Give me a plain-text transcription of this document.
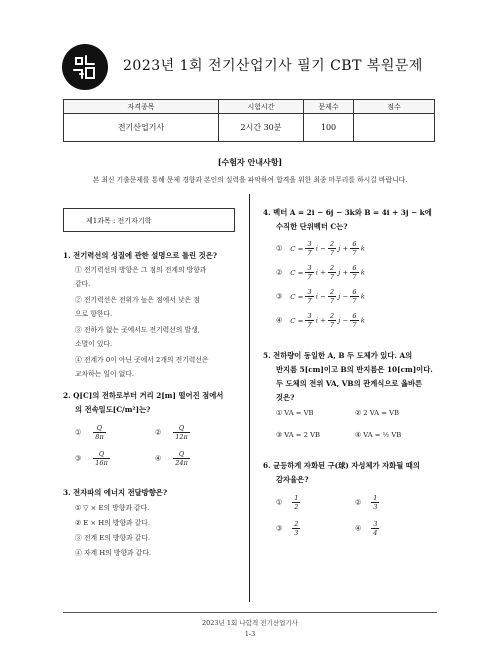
2023년 1회 전기산업기사 필기 CBT 복원문제
자격종목	시험시간	문제수	점수
전기산업기사	2시간 30분	100	
[수험자 안내사항]
본 최신 기출문제를 통해 문제 경향과 본인의 실력을 파악하여 합격을 위한 최종 마무리를 하시길 바랍니다.
제1과목 : 전기자기학
1. 전기력선의 성질에 관한 설명으로 틀린 것은?
① 전기력선의 방향은 그 점의 전계의 방향과
같다.
② 전기력선은 전위가 높은 점에서 낮은 점
으로 향한다.
③ 전하가 없는 곳에서도 전기력선의 발생,
소멸이 있다.
④ 전계가 0이 아닌 곳에서 2개의 전기력선은
교차하는 일이 없다.
2. Q[C]의 전하로부터 거리 2[m] 떨어진 점에서
의 전속밀도[C/m²]는?
① $\frac{Q}{8\pi}$	② $\frac{Q}{12\pi}$
③ $\frac{Q}{16\pi}$	④ $\frac{Q}{24\pi}$
3. 전자파의 에너지 전달방향은?
① ▽ × E의 방향과 같다.
② E × H의 방향과 같다.
③ 전계 E의 방향과 같다.
④ 자계 H의 방향과 같다.
4. 벡터 A = 2i − 6j − 3k와 B = 4i + 3j − k에
수직한 단위벡터 C는?
① $C = \frac{3}{7}$ $i - \frac{2}{7}$ $j + \frac{6}{7}$ k
② $C = \frac{3}{7}$ $i + \frac{2}{7}$ $j + \frac{6}{7}$ k
③ $C = \frac{3}{7}$ $i - \frac{2}{7}$ $j - \frac{6}{7}$ k
④ $C = \frac{3}{7}$ $i + \frac{2}{7}$ $j - \frac{6}{7}$ k
5. 전하량이 동일한 A, B 두 도체가 있다. A의
반지름 5[cm]이고 B의 반지름은 10[cm]이다.
두 도체의 전위 VA, VB의 관계식으로 옳바른
것은?
① VA = VB	② 2 VA = VB
③ VA = 2 VB	④ VA = ½ VB
6. 균등하게 자화된 구(球) 자성체가 자화될 때의
감자율은?
① $\frac{1}{2}$	② $\frac{1}{3}$
③ $\frac{2}{3}$	④ $\frac{3}{4}$
2023년 1회 나합격 전기산업기사
1-3
